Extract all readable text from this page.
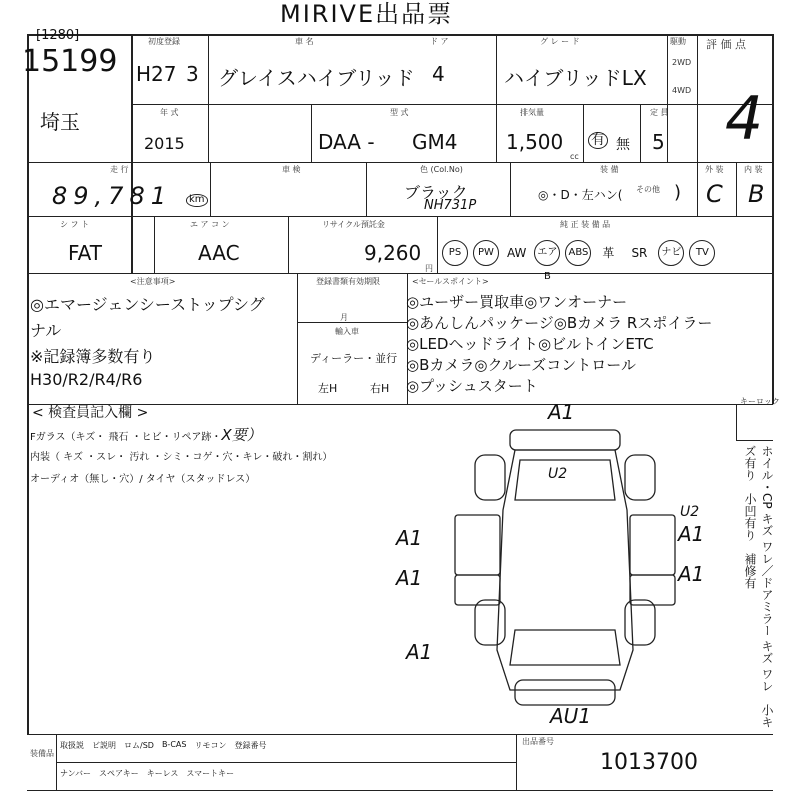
MIRIVE出品票
[1280]
15199
埼玉
初度登録
H27 3
車 名
グレイスハイブリッド
ド ア
4
グ レ ー ド
ハイブリッドLX
駆動
2WD
4WD
評 価 点
4
年 式
2015
型 式
DAA - GM4
排気量
1,500
cc
有 無
定 員
5
走 行
89,781	km
車 検	色 (Col.No)
ブラック
NH731P
装 備
◎・D・左ハン( その他 )
外 装	内 装
C B
シ フ ト
FAT
エ ア コ ン
AAC
リサイクル預託金
9,260
円
純 正 装 備 品
PS	PW	AW	エアB
ABS	革	SR	ナビ	TV
<注意事項>
◎エマージェンシーストップシグ
ナル
※記録簿多数有り
H30/R2/R4/R6
登録書類有効期限
月
輸入車
ディーラー・並行
左H	右H
<セールスポイント>
◎ユーザー買取車◎ワンオーナー
◎あんしんパッケージ◎Bカメラ Rスポイラー
◎LEDヘッドライト◎ビルトインETC
◎Bカメラ◎クルーズコントロール
◎プッシュスタート
< 検査員記入欄 >
キーロック
Fガラス（キズ・ 飛石 ・ヒビ・リペア跡・X要）
内装（ キズ ・スレ・ 汚れ ・シミ・コゲ・穴・キレ・破れ・割れ）
オーディオ（無し・穴）/ タイヤ（スタッドレス）
A1
U2
A1
A1
A1
U2
A1
A1
AU1	ホイル・CP キズ ワレ／ドアミラー キズ ワレ　小キズ有り　小凹有り　補修有
装備品
取扱説 ビ説明 ロム/SD B-CAS リモコン 登録番号
ナンバー スペアキー キーレス スマートキー
出品番号
1013700
